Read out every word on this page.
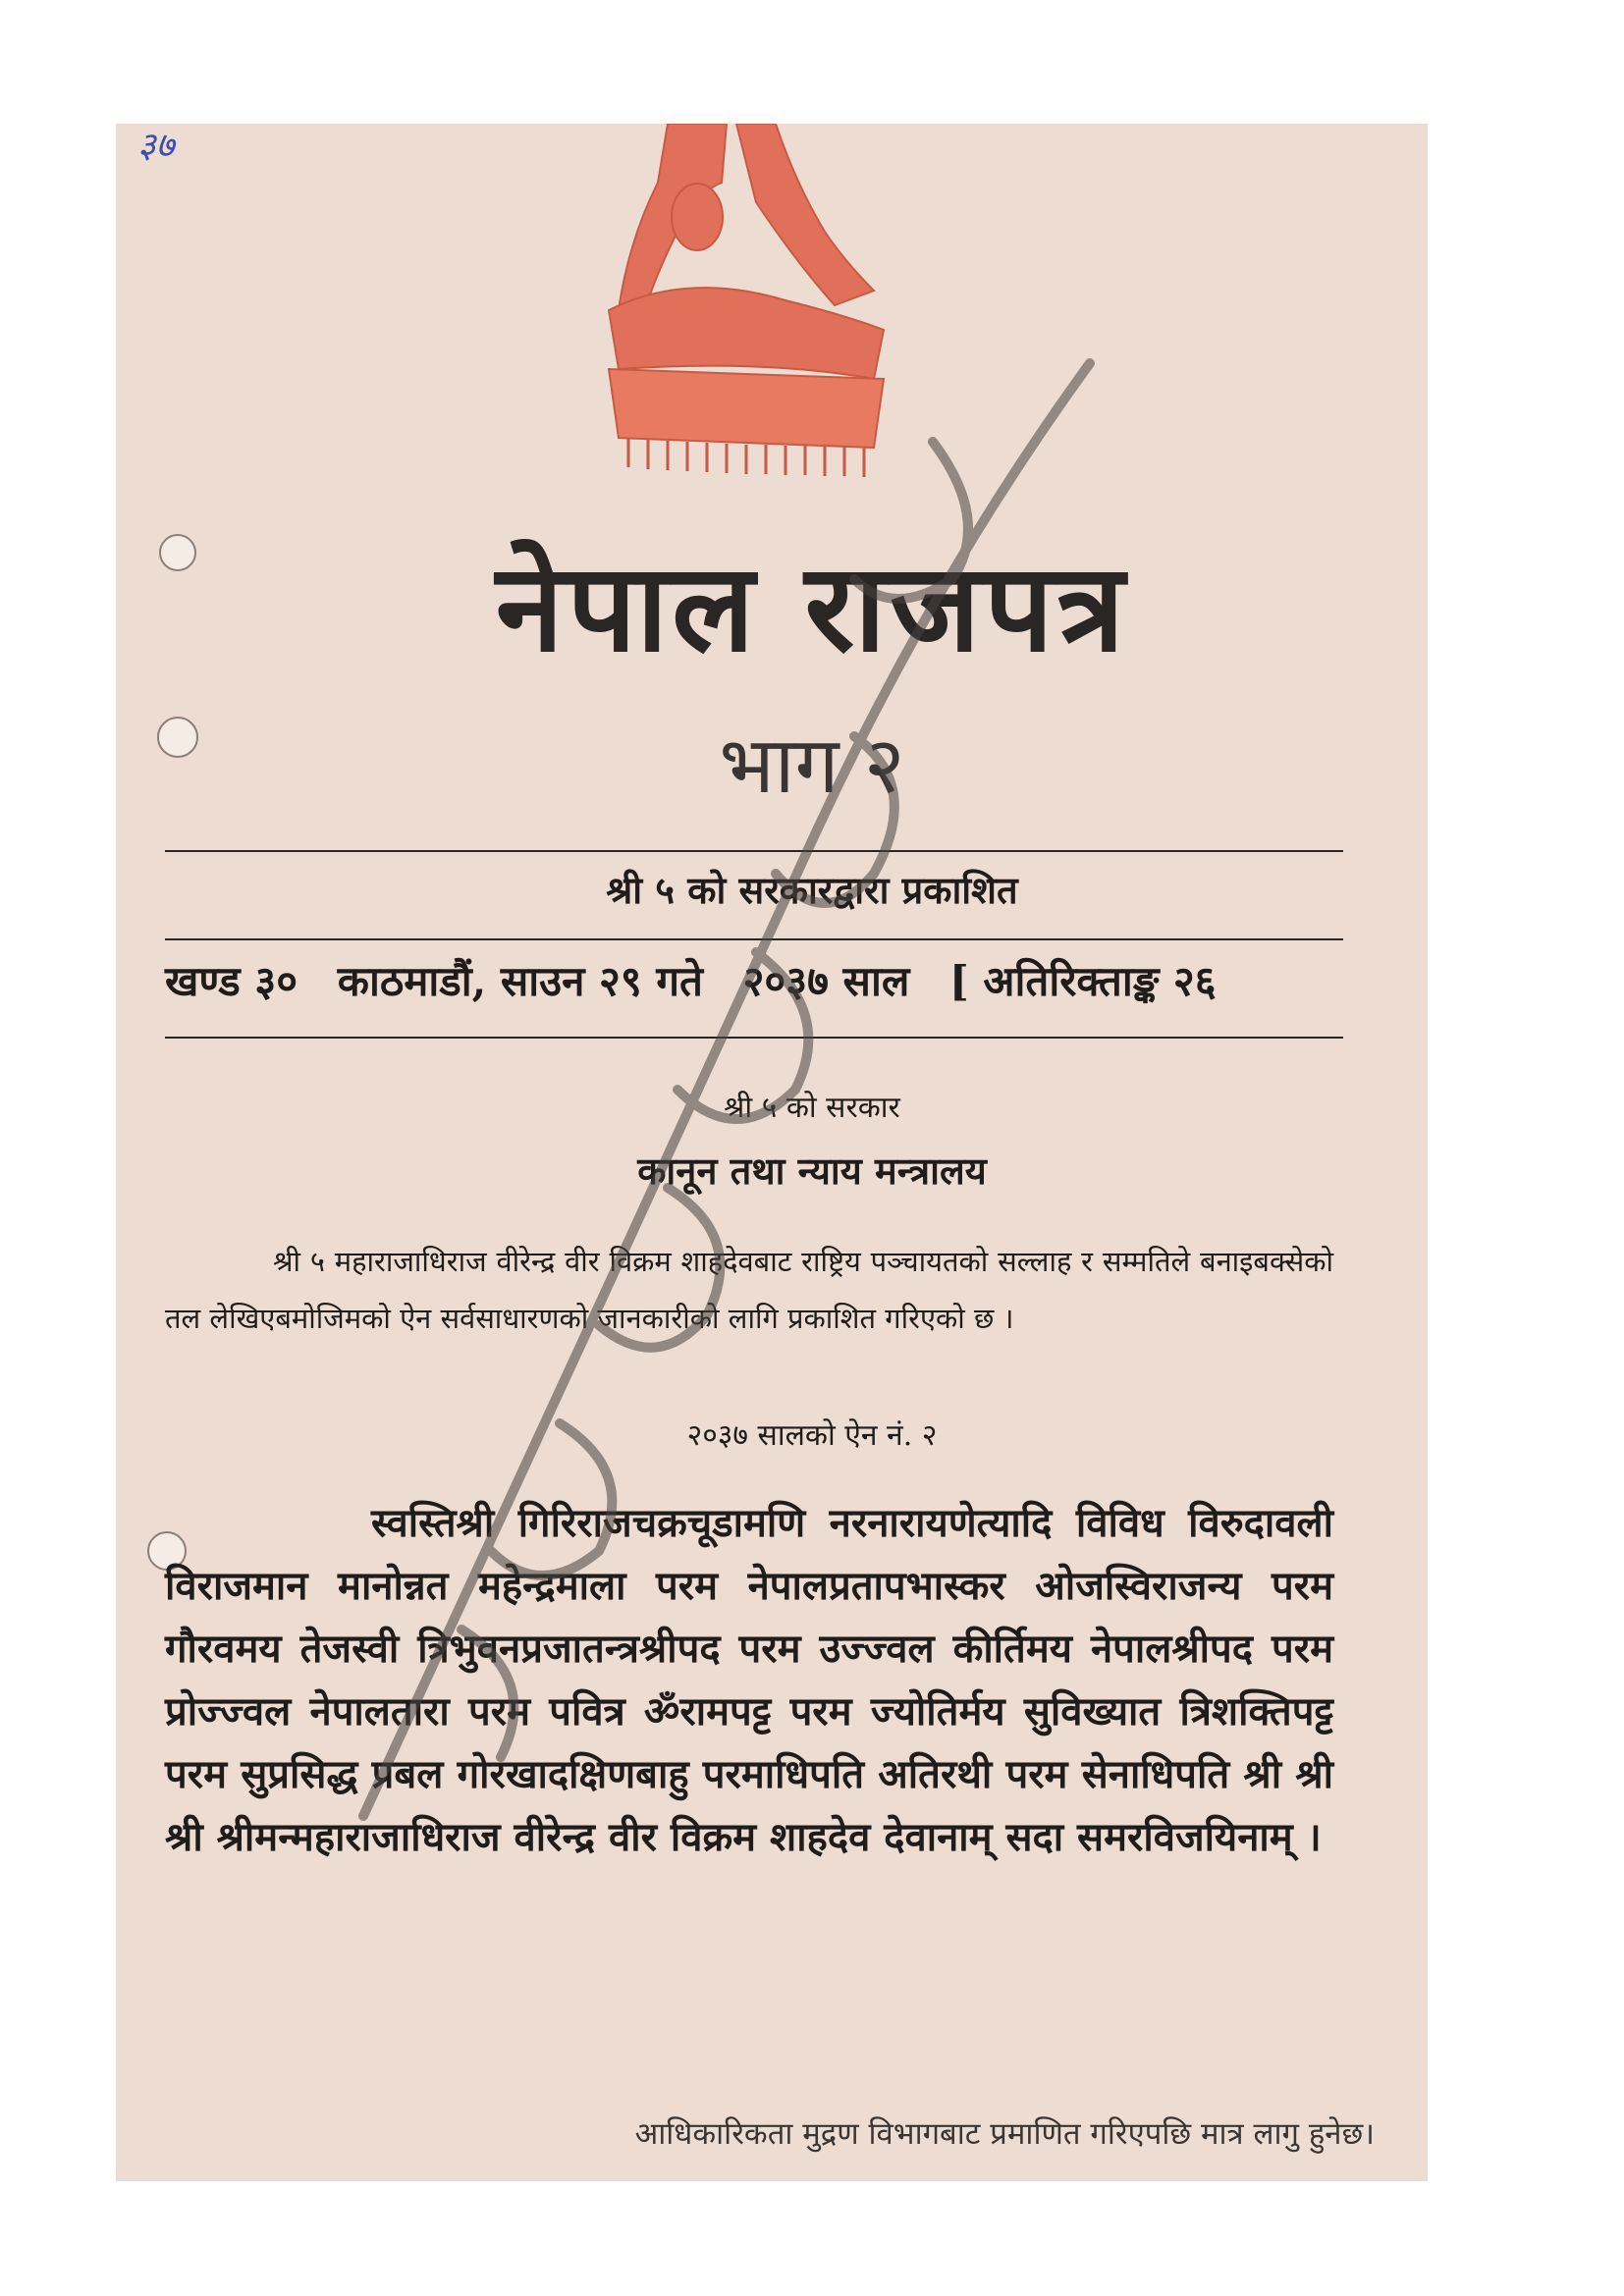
३७
नेपाल राजपत्र
भाग २
श्री ५ को सरकारद्वारा प्रकाशित
खण्ड ३० काठमाडौं, साउन २९ गते २०३७ साल [ अतिरिक्ताङ्क २६
श्री ५ को सरकार
कानून तथा न्याय मन्त्रालय
श्री ५ महाराजाधिराज वीरेन्द्र वीर विक्रम शाहदेवबाट राष्ट्रिय पञ्चायतको सल्लाह र सम्मतिले बनाइबक्सेको तल लेखिएबमोजिमको ऐन सर्वसाधारणको जानकारीको लागि प्रकाशित गरिएको छ ।
२०३७ सालको ऐन नं. २
स्वस्तिश्री गिरिराजचक्रचूडामणि नरनारायणेत्यादि विविध विरुदावली विराजमान मानोन्नत महेन्द्रमाला परम नेपालप्रतापभास्कर ओजस्विराजन्य परम गौरवमय तेजस्वी त्रिभुवनप्रजातन्त्रश्रीपद परम उज्ज्वल कीर्तिमय नेपालश्रीपद परम प्रोज्ज्वल नेपालतारा परम पवित्र ॐरामपट्ट परम ज्योतिर्मय सुविख्यात त्रिशक्तिपट्ट परम सुप्रसिद्ध प्रबल गोरखादक्षिणबाहु परमाधिपति अतिरथी परम सेनाधिपति श्री श्री श्री श्रीमन्महाराजाधिराज वीरेन्द्र वीर विक्रम शाहदेव देवानाम् सदा समरविजयिनाम् ।
आधिकारिकता मुद्रण विभागबाट प्रमाणित गरिएपछि मात्र लागु हुनेछ।
